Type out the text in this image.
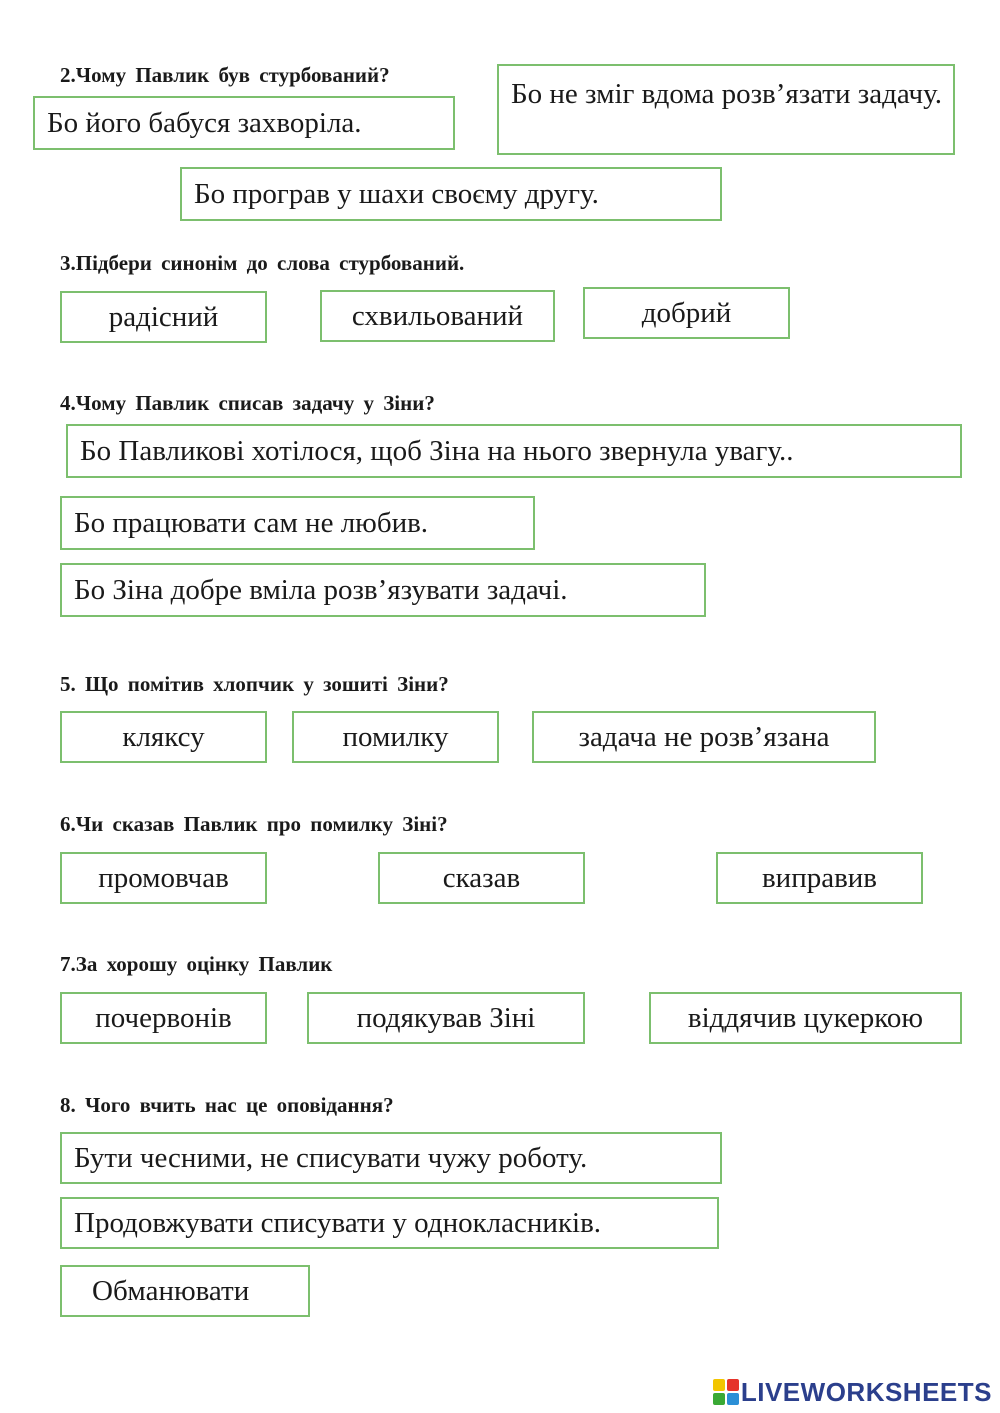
2.Чому Павлик був стурбований?
Бо його бабуся захворіла.
Бо не зміг вдома розв’язати задачу.
Бо програв у шахи своєму другу.
3.Підбери синонім до слова стурбований.
радісний	схвильований	добрий
4.Чому Павлик списав задачу у Зіни?
Бо Павликові хотілося, щоб Зіна на нього звернула увагу..
Бо працювати сам не любив.
Бо Зіна добре вміла розв’язувати задачі.
5. Що помітив хлопчик у зошиті Зіни?
кляксу	помилку	задача не розв’язана
6.Чи сказав Павлик про помилку Зіні?
промовчав	сказав	виправив
7.За хорошу оцінку Павлик
почервонів	подякував Зіні	віддячив цукеркою
8. Чого вчить нас це оповідання?
Бути чесними, не списувати чужу роботу.
Продовжувати списувати у однокласників.
Обманювати
LIVEWORKSHEETS
